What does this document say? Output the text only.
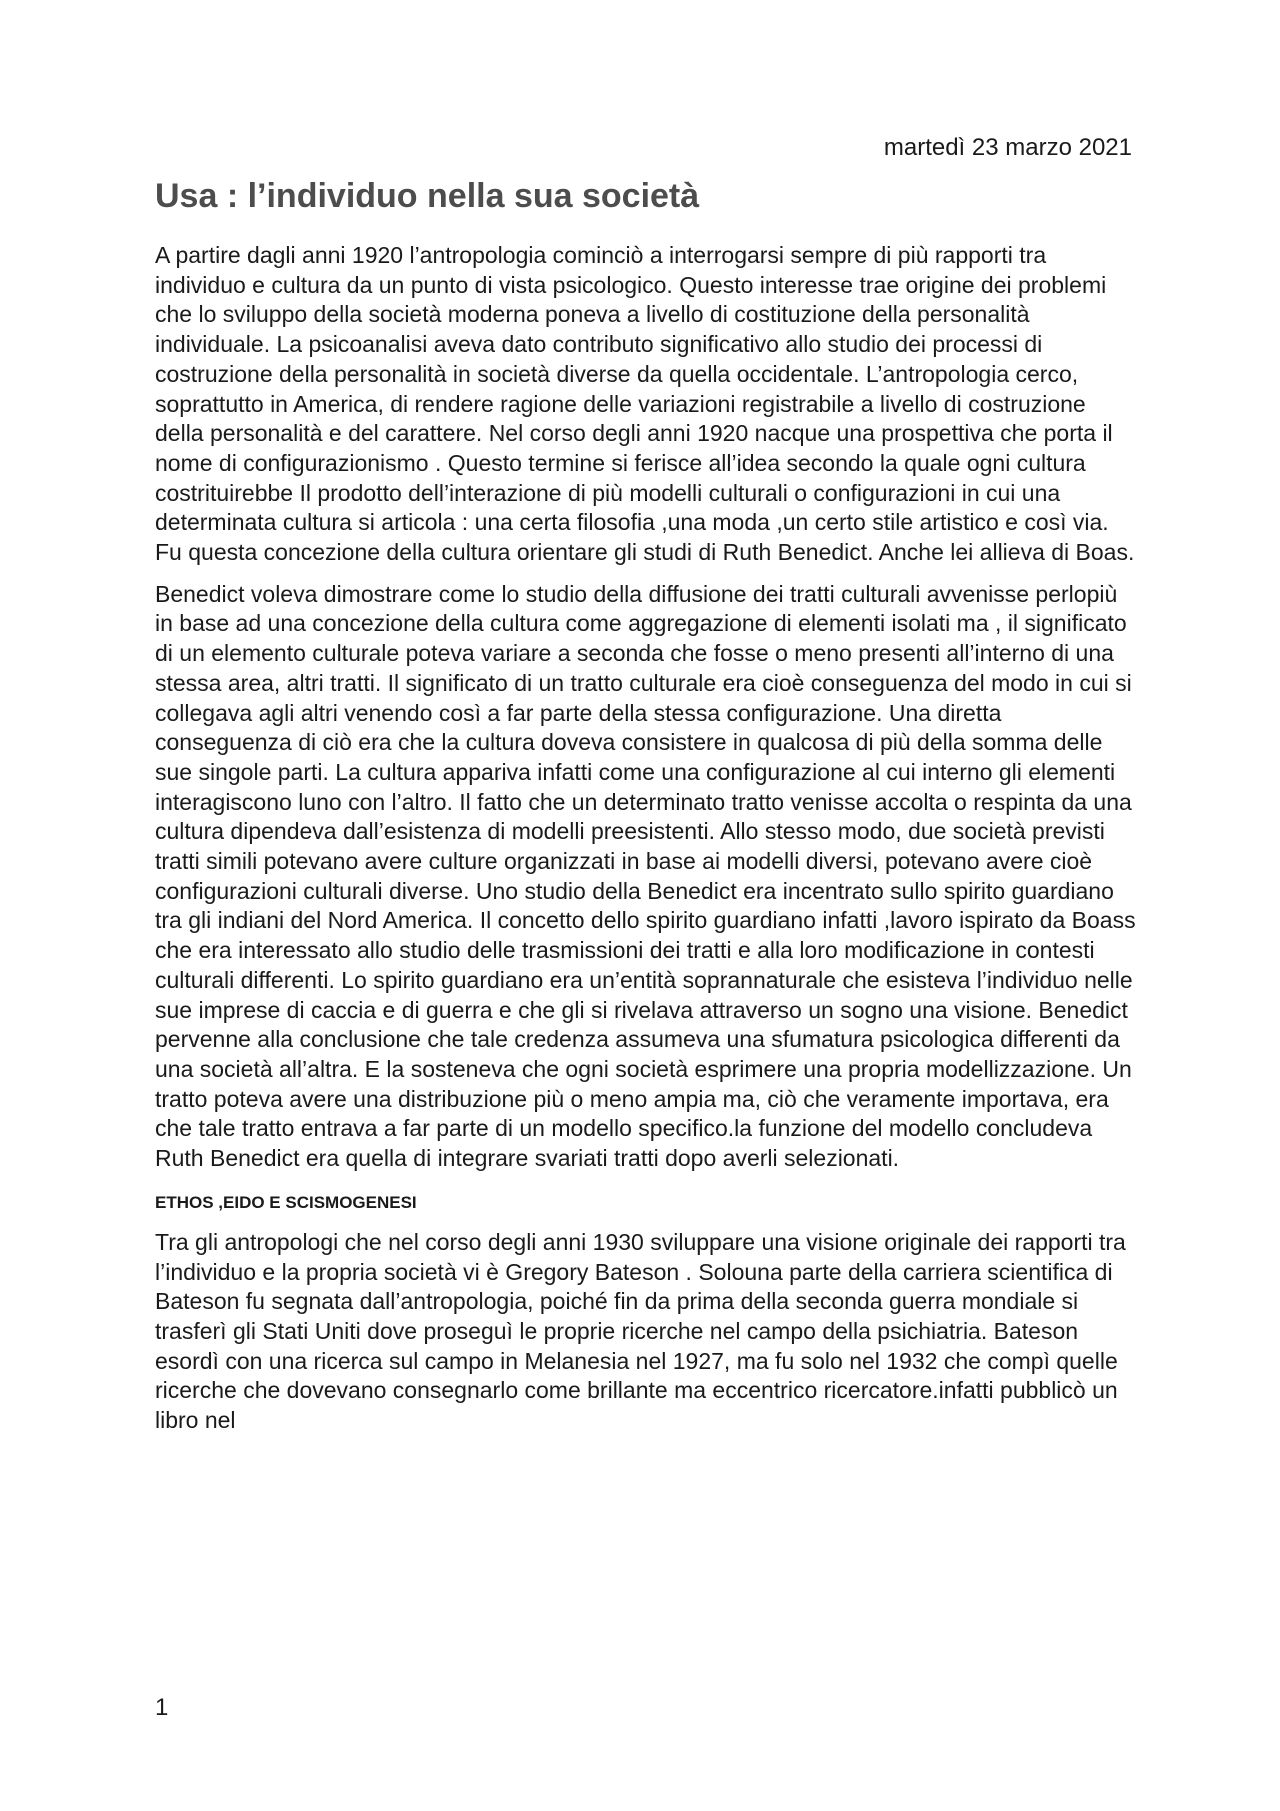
martedì 23 marzo 2021
Usa : l’individuo nella sua società

A partire dagli anni 1920 l’antropologia cominciò a interrogarsi sempre di più rapporti tra individuo e cultura da un punto di vista psicologico. Questo interesse trae origine dei problemi che lo sviluppo della società moderna poneva a livello di costituzione della personalità individuale. La psicoanalisi aveva dato contributo significativo allo studio dei processi di costruzione della personalità in società diverse da quella occidentale. L’antropologia cerco, soprattutto in America, di rendere ragione delle variazioni registrabile a livello di costruzione della personalità e del carattere. Nel corso degli anni 1920 nacque una prospettiva che porta il nome di configurazionismo . Questo termine si ferisce all’idea secondo la quale ogni cultura costrituirebbe Il prodotto dell’interazione di più modelli culturali o configurazioni in cui una determinata cultura si articola : una certa filosofia ,una moda ,un certo stile artistico e così via. Fu questa concezione della cultura orientare gli studi di Ruth Benedict. Anche lei allieva di Boas.

Benedict voleva dimostrare come lo studio della diffusione dei tratti culturali avvenisse perlopiù in base ad una concezione della cultura come aggregazione di elementi isolati ma , il significato di un elemento culturale poteva variare a seconda che fosse o meno presenti all’interno di una stessa area, altri tratti. Il significato di un tratto culturale era cioè conseguenza del modo in cui si collegava agli altri venendo così a far parte della stessa configurazione. Una diretta conseguenza di ciò era che la cultura doveva consistere in qualcosa di più della somma delle sue singole parti. La cultura appariva infatti come una configurazione al cui interno gli elementi interagiscono luno con l’altro. Il fatto che un determinato tratto venisse accolta o respinta da una cultura dipendeva dall’esistenza di modelli preesistenti. Allo stesso modo, due società previsti tratti simili potevano avere culture organizzati in base ai modelli diversi, potevano avere cioè configurazioni culturali diverse. Uno studio della Benedict era incentrato sullo spirito guardiano tra gli indiani del Nord America. Il concetto dello spirito guardiano infatti ,lavoro ispirato da Boass che era interessato allo studio delle trasmissioni dei tratti e alla loro modificazione in contesti culturali differenti. Lo spirito guardiano era un’entità soprannaturale che esisteva l’individuo nelle sue imprese di caccia e di guerra e che gli si rivelava attraverso un sogno una visione. Benedict pervenne alla conclusione che tale credenza assumeva una sfumatura psicologica differenti da una società all’altra. E la sosteneva che ogni società esprimere una propria modellizzazione. Un tratto poteva avere una distribuzione più o meno ampia ma, ciò che veramente importava, era che tale tratto entrava a far parte di un modello specifico.la funzione del modello concludeva Ruth Benedict era quella di integrare svariati tratti dopo averli selezionati.

ETHOS ,EIDO E SCISMOGENESI

Tra gli antropologi che nel corso degli anni 1930 sviluppare una visione originale dei rapporti tra l’individuo e la propria società vi è Gregory Bateson . Solouna parte della carriera scientifica di Bateson fu segnata dall’antropologia, poiché fin da prima della seconda guerra mondiale si trasferì gli Stati Uniti dove proseguì le proprie ricerche nel campo della psichiatria. Bateson esordì con una ricerca sul campo in Melanesia nel 1927, ma fu solo nel 1932 che compì quelle ricerche che dovevano consegnarlo come brillante ma eccentrico ricercatore.infatti pubblicò un libro nel

1
